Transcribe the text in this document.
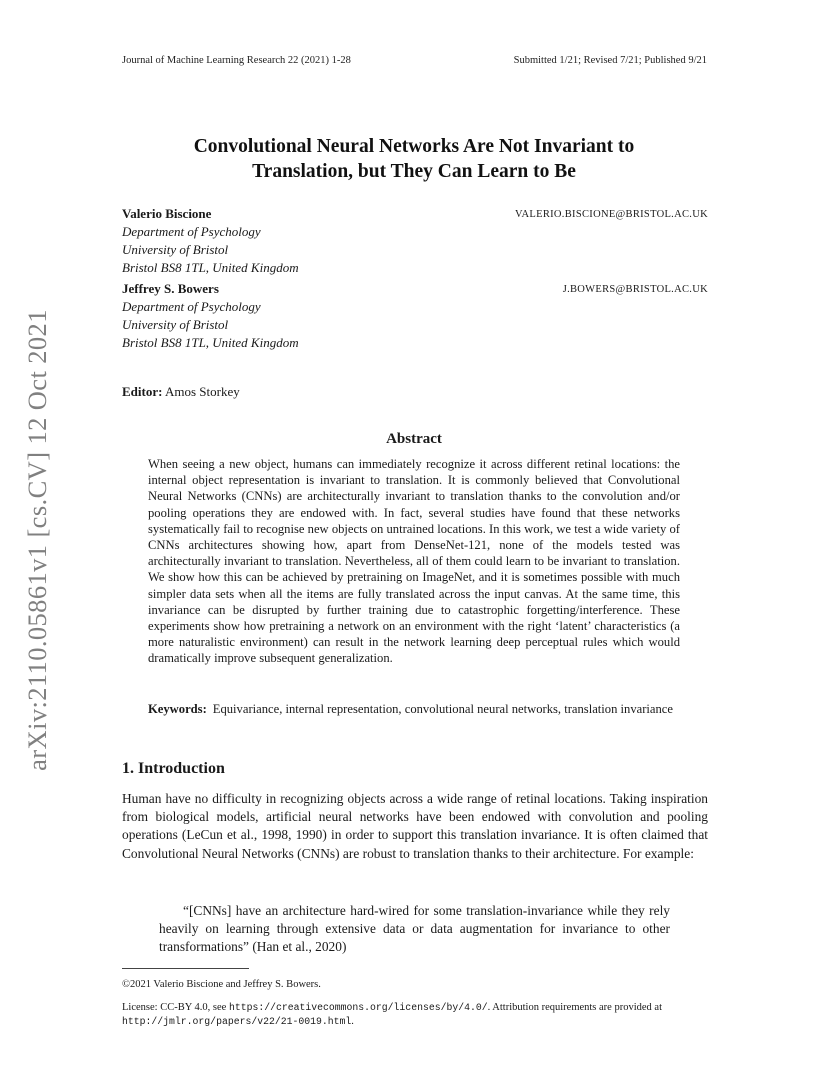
Journal of Machine Learning Research 22 (2021) 1-28	Submitted 1/21; Revised 7/21; Published 9/21
Convolutional Neural Networks Are Not Invariant to
Translation, but They Can Learn to Be
Valerio Biscione	VALERIO.BISCIONE@BRISTOL.AC.UK
Department of Psychology
University of Bristol
Bristol BS8 1TL, United Kingdom
Jeffrey S. Bowers	J.BOWERS@BRISTOL.AC.UK
Department of Psychology
University of Bristol
Bristol BS8 1TL, United Kingdom
Editor: Amos Storkey
Abstract
When seeing a new object, humans can immediately recognize it across different retinal locations: the internal object representation is invariant to translation. It is commonly believed that Convolutional Neural Networks (CNNs) are architecturally invariant to translation thanks to the convolution and/or pooling operations they are endowed with. In fact, several studies have found that these networks systematically fail to recognise new objects on untrained locations. In this work, we test a wide variety of CNNs architectures showing how, apart from DenseNet-121, none of the models tested was architecturally invariant to translation. Nevertheless, all of them could learn to be invariant to translation. We show how this can be achieved by pretraining on ImageNet, and it is sometimes possible with much simpler data sets when all the items are fully translated across the input canvas. At the same time, this invariance can be disrupted by further training due to catastrophic forgetting/interference. These experiments show how pretraining a network on an environment with the right ‘latent’ characteristics (a more naturalistic environment) can result in the network learning deep perceptual rules which would dramatically improve subsequent generalization.
Keywords: Equivariance, internal representation, convolutional neural networks, translation invariance
1. Introduction
Human have no difficulty in recognizing objects across a wide range of retinal locations. Taking inspiration from biological models, artificial neural networks have been endowed with convolution and pooling operations (LeCun et al., 1998, 1990) in order to support this translation invariance. It is often claimed that Convolutional Neural Networks (CNNs) are robust to translation thanks to their architecture. For example:
“[CNNs] have an architecture hard-wired for some translation-invariance while they rely heavily on learning through extensive data or data augmentation for invariance to other transformations” (Han et al., 2020)
©2021 Valerio Biscione and Jeffrey S. Bowers.
License: CC-BY 4.0, see https://creativecommons.org/licenses/by/4.0/. Attribution requirements are provided at http://jmlr.org/papers/v22/21-0019.html.
arXiv:2110.05861v1 [cs.CV] 12 Oct 2021
